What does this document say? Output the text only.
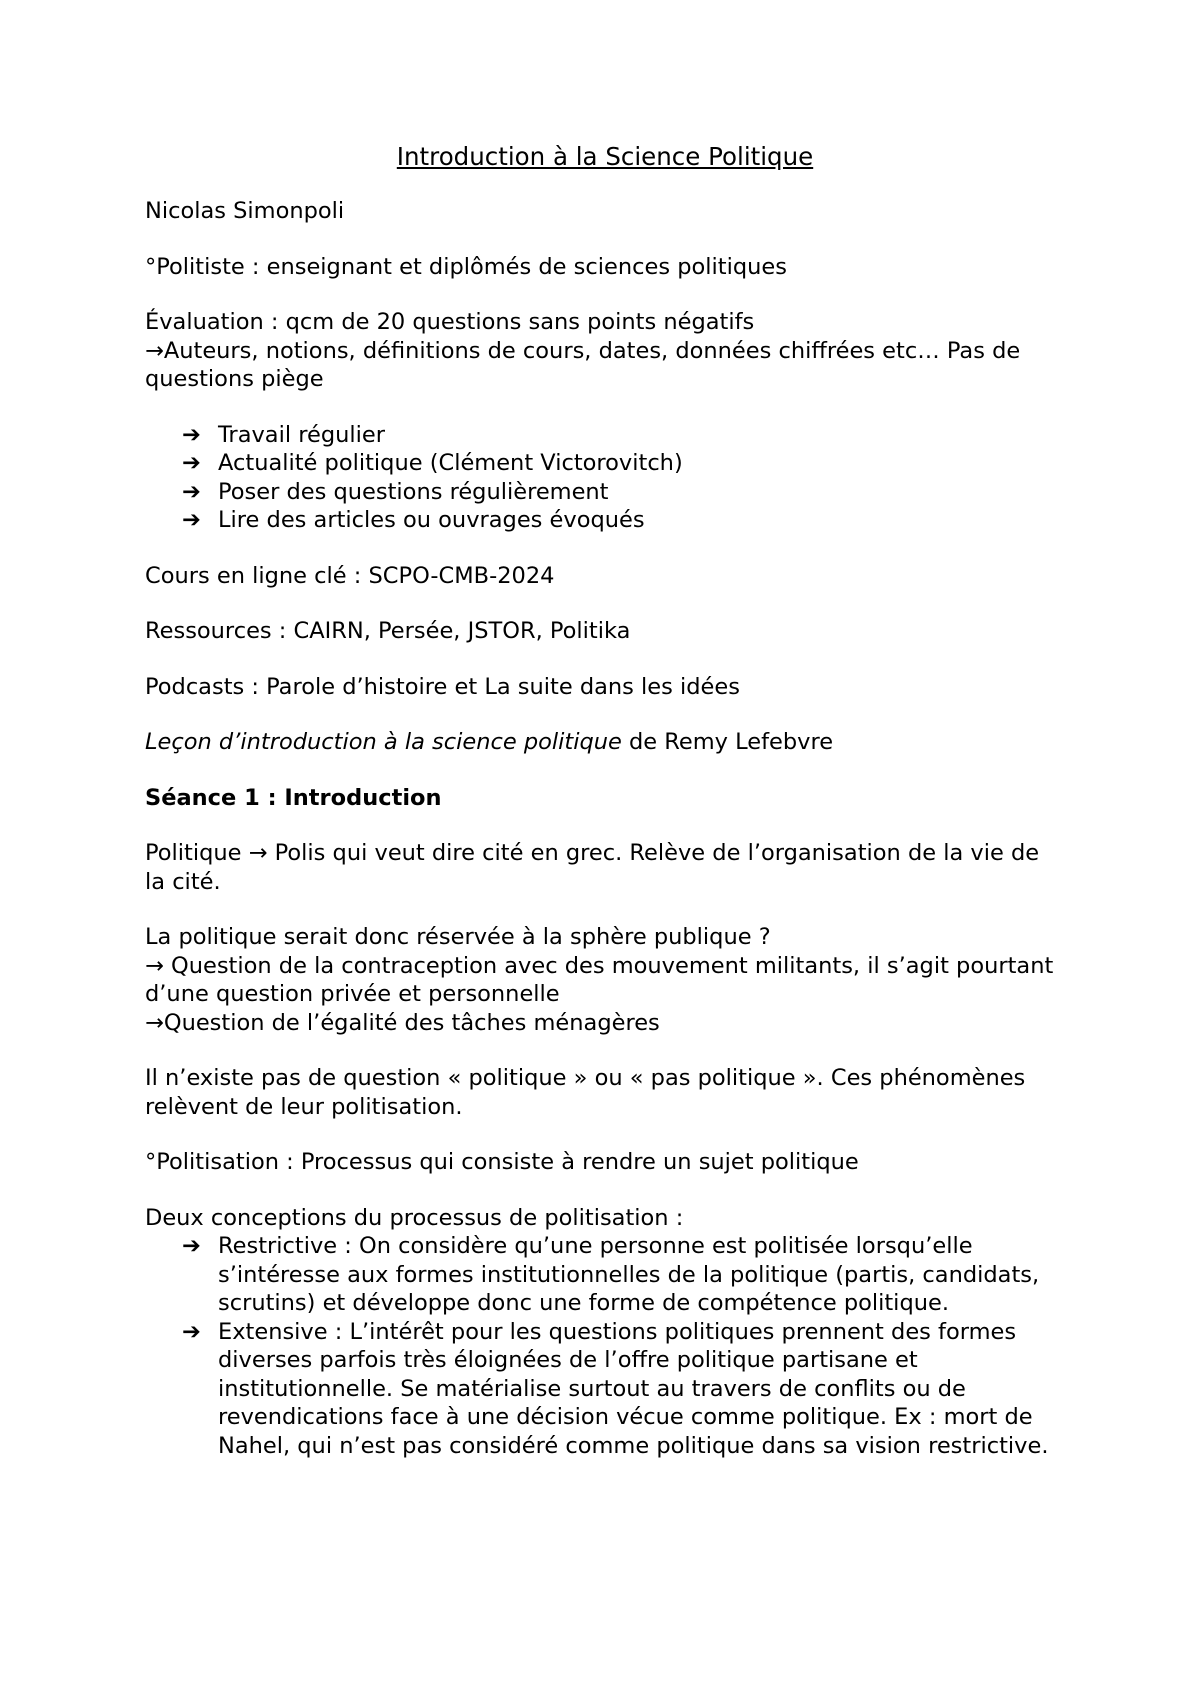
Introduction à la Science Politique

Nicolas Simonpoli

°Politiste : enseignant et diplômés de sciences politiques

Évaluation : qcm de 20 questions sans points négatifs

→Auteurs, notions, définitions de cours, dates, données chiffrées etc… Pas de questions piège

➔ Travail régulier
➔ Actualité politique (Clément Victorovitch)
➔ Poser des questions régulièrement
➔ Lire des articles ou ouvrages évoqués

Cours en ligne clé : SCPO-CMB-2024

Ressources : CAIRN, Persée, JSTOR, Politika

Podcasts : Parole d’histoire et La suite dans les idées

Leçon d’introduction à la science politique de Remy Lefebvre

Séance 1 : Introduction

Politique → Polis qui veut dire cité en grec. Relève de l’organisation de la vie de la cité.

La politique serait donc réservée à la sphère publique ?

→ Question de la contraception avec des mouvement militants, il s’agit pourtant d’une question privée et personnelle

→Question de l’égalité des tâches ménagères

Il n’existe pas de question « politique » ou « pas politique ». Ces phénomènes relèvent de leur politisation.

°Politisation : Processus qui consiste à rendre un sujet politique

Deux conceptions du processus de politisation :

➔ Restrictive : On considère qu’une personne est politisée lorsqu’elle s’intéresse aux formes institutionnelles de la politique (partis, candidats, scrutins) et développe donc une forme de compétence politique.
➔ Extensive : L’intérêt pour les questions politiques prennent des formes diverses parfois très éloignées de l’offre politique partisane et institutionnelle. Se matérialise surtout au travers de conflits ou de revendications face à une décision vécue comme politique. Ex : mort de Nahel, qui n’est pas considéré comme politique dans sa vision restrictive.
